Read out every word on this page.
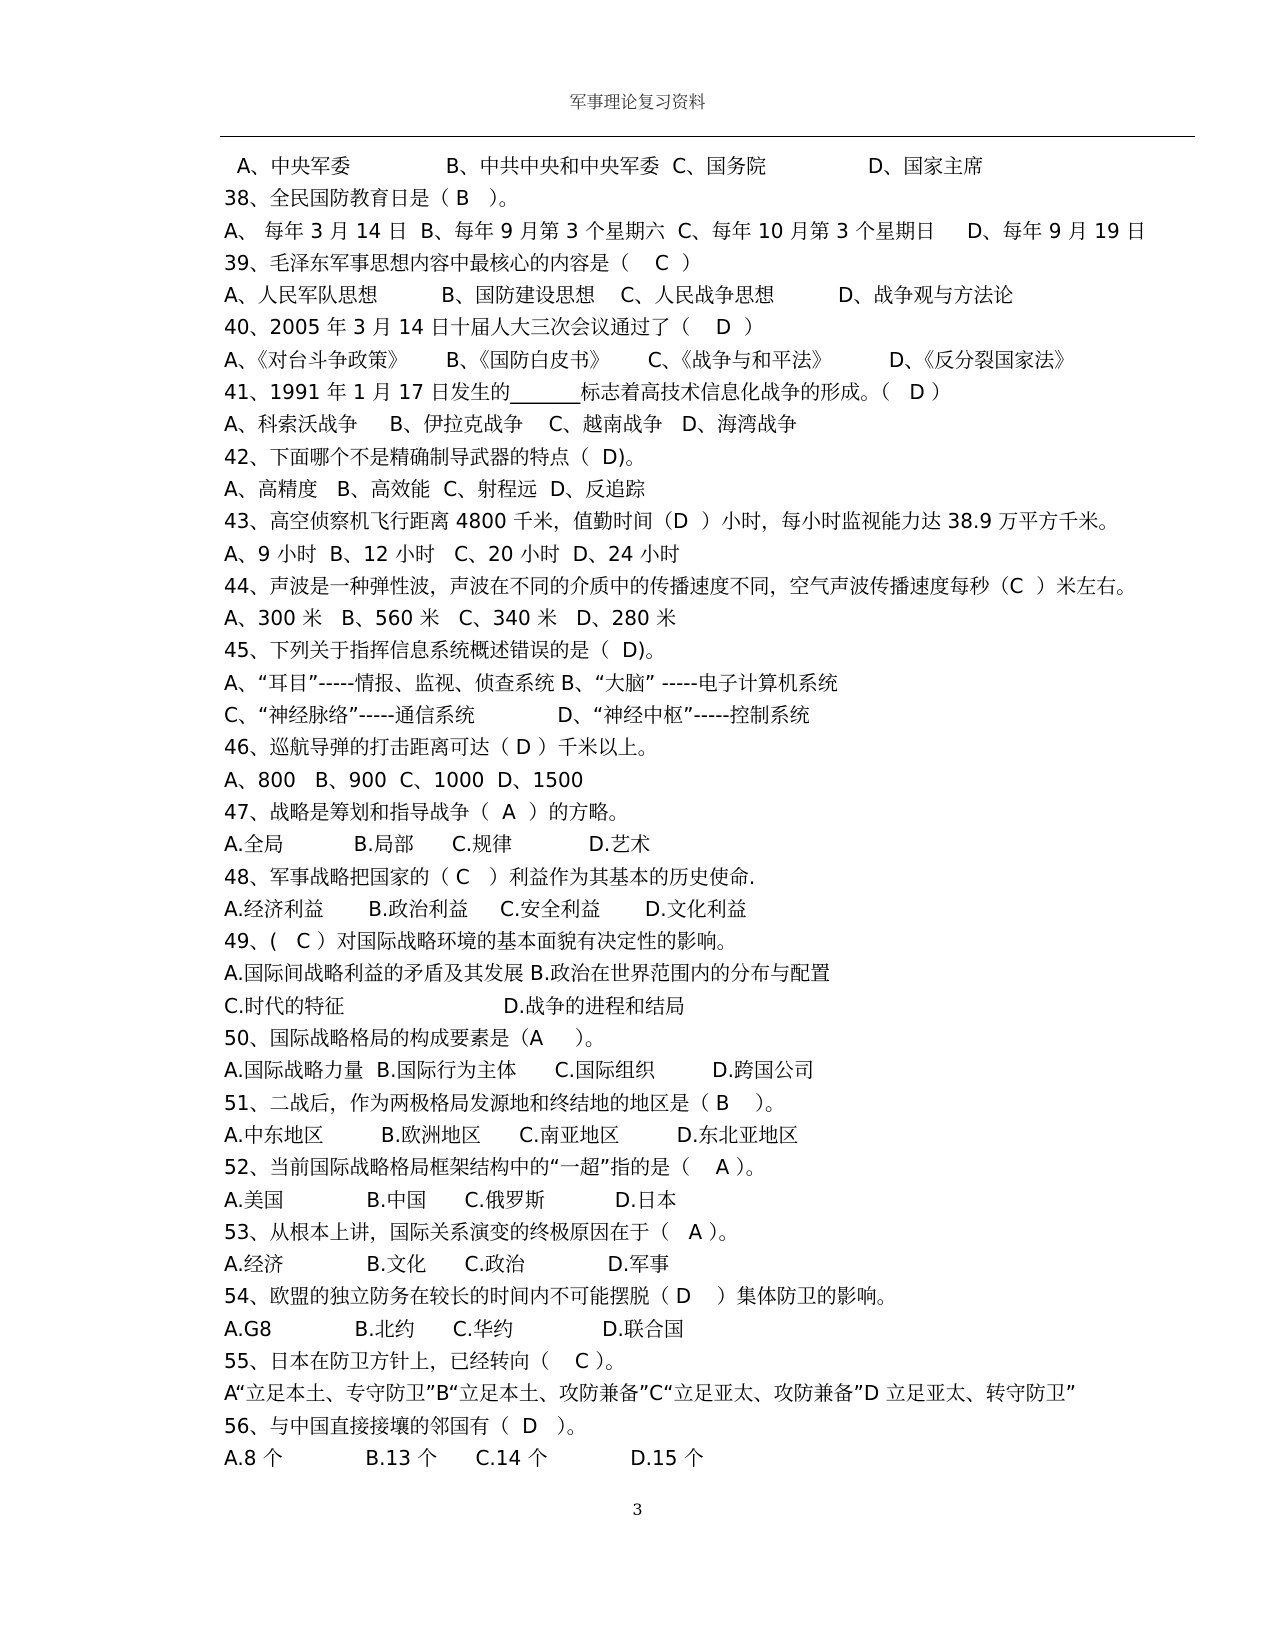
军事理论复习资料
A、中央军委               B、中共中央和中央军委  C、国务院                D、国家主席
38、全民国防教育日是（ B   ）。
A、 每年 3 月 14 日  B、每年 9 月第 3 个星期六  C、每年 10 月第 3 个星期日     D、每年 9 月 19 日
39、毛泽东军事思想内容中最核心的内容是（    C  ）
A、人民军队思想          B、国防建设思想    C、人民战争思想          D、战争观与方法论
40、2005 年 3 月 14 日十届人大三次会议通过了（    D  ）
A、《对台斗争政策》      B、《国防白皮书》      C、《战争与和平法》         D、《反分裂国家法》
41、1991 年 1 月 17 日发生的_______标志着高技术信息化战争的形成。（   D ）
A、科索沃战争     B、伊拉克战争    C、越南战争   D、海湾战争
42、下面哪个不是精确制导武器的特点（  D)。
A、高精度   B、高效能  C、射程远  D、反追踪
43、高空侦察机飞行距离 4800 千米，值勤时间（D  ）小时，每小时监视能力达 38.9 万平方千米。
A、9 小时  B、12 小时   C、20 小时  D、24 小时
44、声波是一种弹性波，声波在不同的介质中的传播速度不同，空气声波传播速度每秒（C  ）米左右。
A、300 米   B、560 米   C、340 米   D、280 米
45、下列关于指挥信息系统概述错误的是（  D)。
A、“耳目”-----情报、监视、侦查系统 B、“大脑” -----电子计算机系统
C、“神经脉络”-----通信系统             D、“神经中枢”-----控制系统
46、巡航导弹的打击距离可达（ D ）千米以上。
A、800   B、900  C、1000  D、1500
47、战略是筹划和指导战争（  A  ）的方略。
A.全局           B.局部      C.规律            D.艺术
48、军事战略把国家的（ C   ）利益作为其基本的历史使命.
A.经济利益       B.政治利益     C.安全利益       D.文化利益
49、(   C ）对国际战略环境的基本面貌有决定性的影响。
A.国际间战略利益的矛盾及其发展 B.政治在世界范围内的分布与配置
C.时代的特征                         D.战争的进程和结局
50、国际战略格局的构成要素是（A     ）。
A.国际战略力量  B.国际行为主体      C.国际组织         D.跨国公司
51、二战后，作为两极格局发源地和终结地的地区是（ B    ）。
A.中东地区         B.欧洲地区      C.南亚地区         D.东北亚地区
52、当前国际战略格局框架结构中的“一超”指的是（    A ）。
A.美国             B.中国      C.俄罗斯           D.日本
53、从根本上讲，国际关系演变的终极原因在于（   A ）。
A.经济             B.文化      C.政治             D.军事
54、欧盟的独立防务在较长的时间内不可能摆脱（ D    ）集体防卫的影响。
A.G8             B.北约      C.华约              D.联合国
55、日本在防卫方针上，已经转向（    C ）。
A“立足本土、专守防卫”B“立足本土、攻防兼备”C“立足亚太、攻防兼备”D 立足亚太、转守防卫”
56、与中国直接接壤的邻国有（  D   ）。
A.8 个             B.13 个      C.14 个             D.15 个
3
